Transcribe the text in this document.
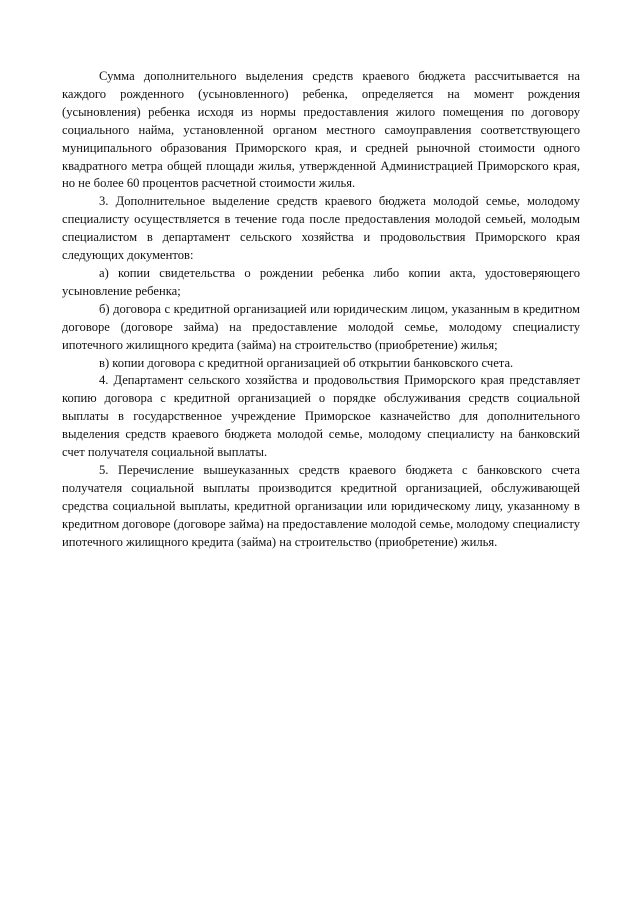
Сумма дополнительного выделения средств краевого бюджета рассчитывается на каждого рожденного (усыновленного) ребенка, определяется на момент рождения (усыновления) ребенка исходя из нормы предоставления жилого помещения по договору социального найма, установленной органом местного самоуправления соответствующего муниципального образования Приморского края, и средней рыночной стоимости одного квадратного метра общей площади жилья, утвержденной Администрацией Приморского края, но не более 60 процентов расчетной стоимости жилья.

3. Дополнительное выделение средств краевого бюджета молодой семье, молодому специалисту осуществляется в течение года после предоставления молодой семьей, молодым специалистом в департамент сельского хозяйства и продовольствия Приморского края следующих документов:

а) копии свидетельства о рождении ребенка либо копии акта, удостоверяющего усыновление ребенка;

б) договора с кредитной организацией или юридическим лицом, указанным в кредитном договоре (договоре займа) на предоставление молодой семье, молодому специалисту ипотечного жилищного кредита (займа) на строительство (приобретение) жилья;

в) копии договора с кредитной организацией об открытии банковского счета.

4. Департамент сельского хозяйства и продовольствия Приморского края представляет копию договора с кредитной организацией о порядке обслуживания средств социальной выплаты в государственное учреждение Приморское казначейство для дополнительного выделения средств краевого бюджета молодой семье, молодому специалисту на банковский счет получателя социальной выплаты.

5. Перечисление вышеуказанных средств краевого бюджета с банковского счета получателя социальной выплаты производится кредитной организацией, обслуживающей средства социальной выплаты, кредитной организации или юридическому лицу, указанному в кредитном договоре (договоре займа) на предоставление молодой семье, молодому специалисту ипотечного жилищного кредита (займа) на строительство (приобретение) жилья.
